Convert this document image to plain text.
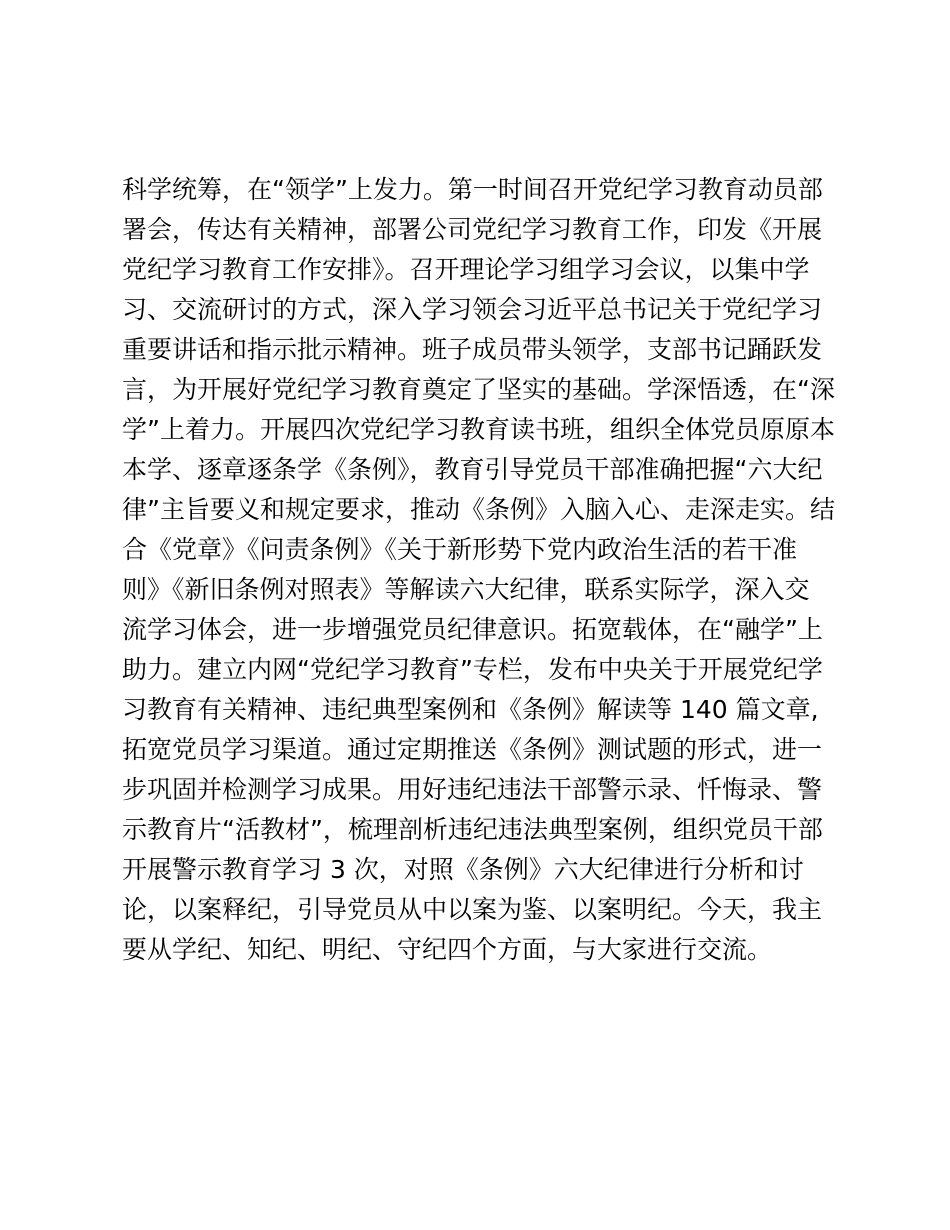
科学统筹，在“领学”上发力。第一时间召开党纪学习教育动员部
署会，传达有关精神，部署公司党纪学习教育工作，印发《开展
党纪学习教育工作安排》。召开理论学习组学习会议，以集中学
习、交流研讨的方式，深入学习领会习近平总书记关于党纪学习
重要讲话和指示批示精神。班子成员带头领学，支部书记踊跃发
言，为开展好党纪学习教育奠定了坚实的基础。学深悟透，在“深
学”上着力。开展四次党纪学习教育读书班，组织全体党员原原本
本学、逐章逐条学《条例》，教育引导党员干部准确把握“六大纪
律”主旨要义和规定要求，推动《条例》入脑入心、走深走实。结
合《党章》《问责条例》《关于新形势下党内政治生活的若干准
则》《新旧条例对照表》等解读六大纪律，联系实际学，深入交
流学习体会，进一步增强党员纪律意识。拓宽载体，在“融学”上
助力。建立内网“党纪学习教育”专栏，发布中央关于开展党纪学
习教育有关精神、违纪典型案例和《条例》解读等 140 篇文章,
拓宽党员学习渠道。通过定期推送《条例》测试题的形式，进一
步巩固并检测学习成果。用好违纪违法干部警示录、忏悔录、警
示教育片“活教材”，梳理剖析违纪违法典型案例，组织党员干部
开展警示教育学习 3 次，对照《条例》六大纪律进行分析和讨
论，以案释纪，引导党员从中以案为鉴、以案明纪。今天，我主
要从学纪、知纪、明纪、守纪四个方面，与大家进行交流。
